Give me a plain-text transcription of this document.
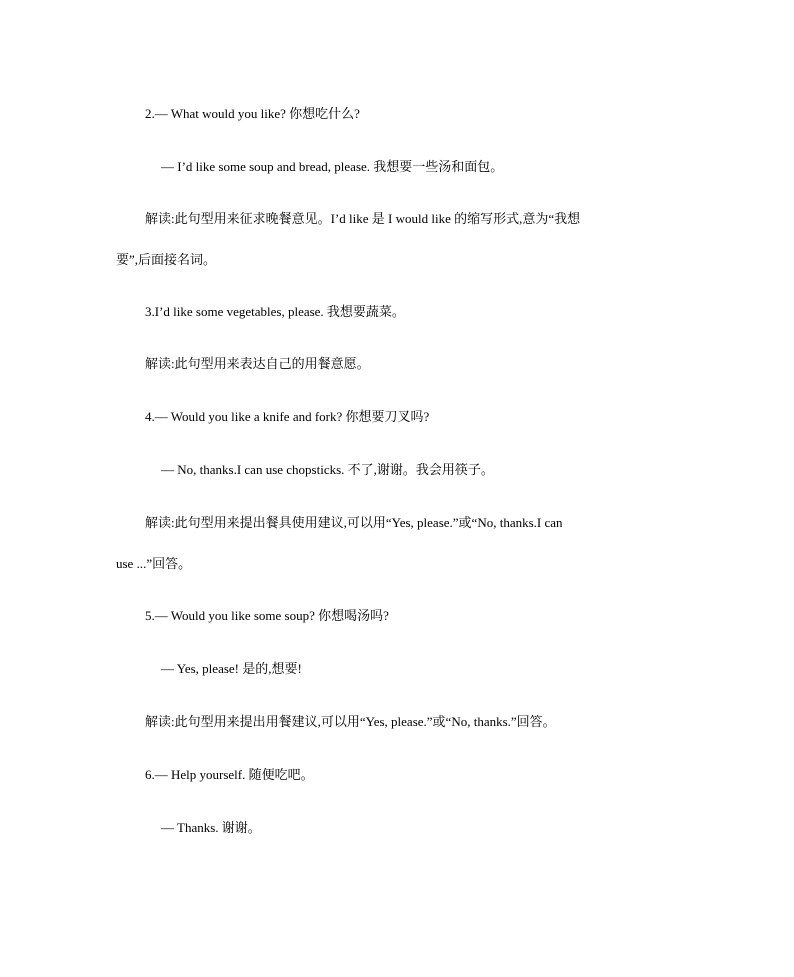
2.— What would you like? 你想吃什么?
— I’d like some soup and bread, please. 我想要一些汤和面包。
解读:此句型用来征求晚餐意见。I’d like 是 I would like 的缩写形式,意为“我想
要”,后面接名词。
3.I’d like some vegetables, please. 我想要蔬菜。
解读:此句型用来表达自己的用餐意愿。
4.— Would you like a knife and fork? 你想要刀叉吗?
— No, thanks.I can use chopsticks. 不了,谢谢。我会用筷子。
解读:此句型用来提出餐具使用建议,可以用“Yes, please.”或“No, thanks.I can
use ...”回答。
5.— Would you like some soup? 你想喝汤吗?
— Yes, please! 是的,想要!
解读:此句型用来提出用餐建议,可以用“Yes, please.”或“No, thanks.”回答。
6.— Help yourself. 随便吃吧。
— Thanks. 谢谢。
